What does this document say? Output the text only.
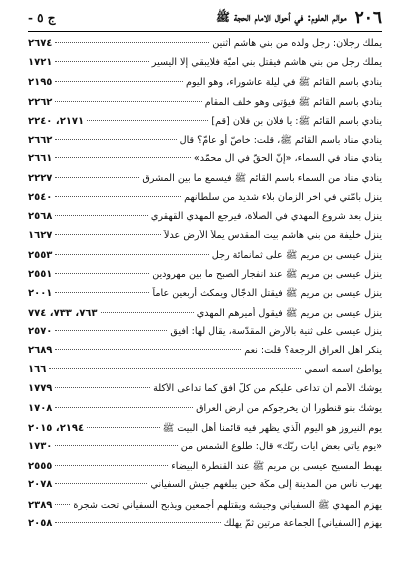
٢٠٦
موالم العلوم: في أحوال الامام الحجة ﷺ
ج ٥ -
يملك رجلان: رجل ولده من بني هاشم أثنين
٢٦٧٤
يملك رجل من بني هاشم فيقتل بني أميّة فلايبقي إلّا اليسير
١٧٢١
ينادي باسم القائم ﷺ في ليلة عاشوراء، وهو اليوم
٢١٩٥
ينادي باسم القائم ﷺ فيؤتى وهو خلف المقام
٢٢٦٢
ينادي باسم القائم ﷺ: يا فلان بن فلان [قم]
٢١٧١، ٢٢٤٠
ينادي مناد باسم القائم ﷺ، قلت: خاصّ أو عامّ؟ قال
٢٦٦٢
ينادي مناد في السماء، «إنّ الحقّ في آل محمّد»
٢٦٦١
ينادي مناد من السماء باسم القائم ﷺ فيسمع ما بين المشرق
٢٢٢٧
ينزل بأمّتي في آخر الزمان بلاء شديد من سلطانهم
٢٥٤٠
ينزل بعد شروع المهدي في الصلاة، فيرجع المهدي القهقري
٢٥٦٨
ينزل خليفة من بني هاشم بيت المقدس يملأ الأرض عدلاً
١٦٢٧
ينزل عيسى بن مريم ﷺ على ثمانمائة رجل
٢٥٥٣
ينزل عيسى بن مريم ﷺ عند انفجار الصبح ما بين مهرودين
٢٥٥١
ينزل عيسى بن مريم ﷺ فيقتل الدجّال ويمكث أربعين عاماً
٢٠٠١
ينزل عيسى بن مريم ﷺ فيقول أميرهم المهدي
٧٦٣، ٧٣٣، ٧٧٤
ينزل عيسى على ثنية بالأرض المقدّسة، يقال لها: أفيق
٢٥٧٠
ينكر أهل العراق الرجعة؟ قلت: نعم
٢٦٨٩
يواطئ اسمه اسمي
١٦٦
يوشك الأمم أن تداعى عليكم من كلّ أفق كما تداعى الأكلة
١٧٧٩
يوشك بنو قنطورا أن يخرجوكم من أرض العراق
١٧٠٨
يوم النيروز هو اليوم الّذي يظهر فيه قائمنا أهل البيت ﷺ
٢١٩٤، ٢٠١٥
«يوم يأتي بعض آيات ربّك» قال: طلوع الشمس من
١٧٣٠
يهبط المسيح عيسى بن مريم ﷺ عند القنطرة البيضاء
٢٥٥٥
يهرب ناس من المدينة إلى مكّة حين يبلغهم جيش السفياني
٢٠٧٨
يهزم المهدي ﷺ السفياني وجيشه ويقتلهم أجمعين ويذبح السفياني تحت شجرة
٢٣٨٩
يهزم [السفياني] الجماعة مرتين ثمّ يهلك
٢٠٥٨
